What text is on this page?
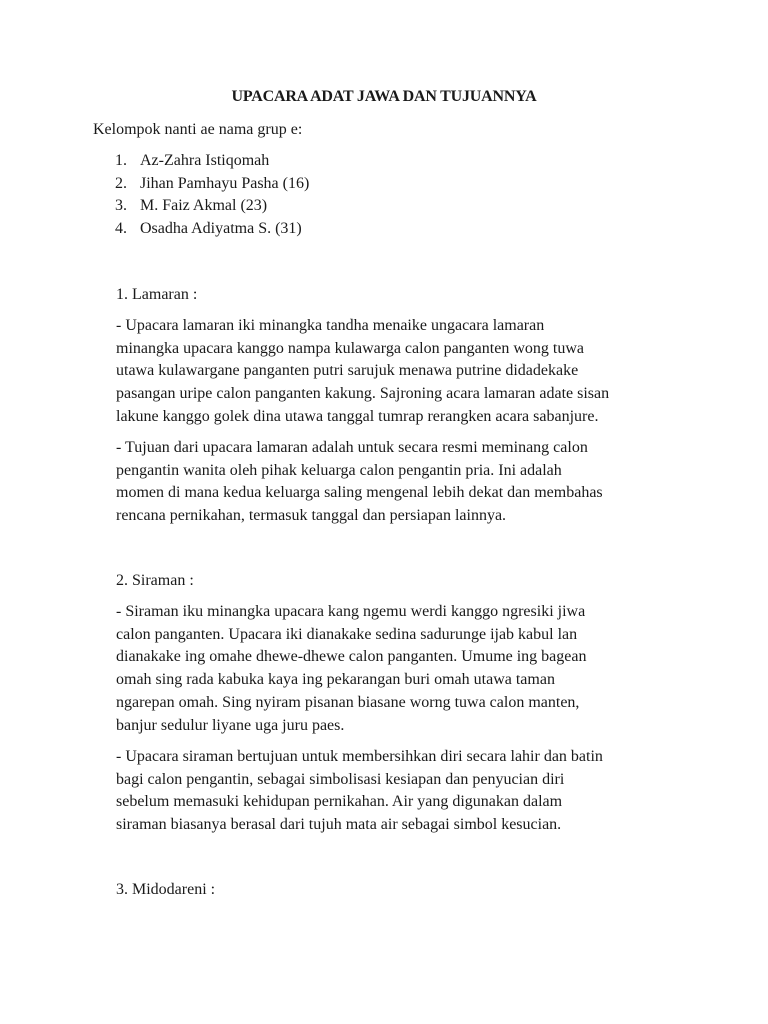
UPACARA ADAT JAWA DAN TUJUANNYA
Kelompok nanti ae nama grup e:
1. Az-Zahra Istiqomah
2. Jihan Pamhayu Pasha (16)
3. M. Faiz Akmal (23)
4. Osadha Adiyatma S. (31)
1. Lamaran :

- Upacara lamaran iki minangka tandha menaike ungacara lamaran
minangka upacara kanggo nampa kulawarga calon panganten wong tuwa
utawa kulawargane panganten putri sarujuk menawa putrine didadekake
pasangan uripe calon panganten kakung. Sajroning acara lamaran adate sisan
lakune kanggo golek dina utawa tanggal tumrap rerangken acara sabanjure.

- Tujuan dari upacara lamaran adalah untuk secara resmi meminang calon
pengantin wanita oleh pihak keluarga calon pengantin pria. Ini adalah
momen di mana kedua keluarga saling mengenal lebih dekat dan membahas
rencana pernikahan, termasuk tanggal dan persiapan lainnya.

2. Siraman :

- Siraman iku minangka upacara kang ngemu werdi kanggo ngresiki jiwa
calon panganten. Upacara iki dianakake sedina sadurunge ijab kabul lan
dianakake ing omahe dhewe-dhewe calon panganten. Umume ing bagean
omah sing rada kabuka kaya ing pekarangan buri omah utawa taman
ngarepan omah. Sing nyiram pisanan biasane worng tuwa calon manten,
banjur sedulur liyane uga juru paes.

- Upacara siraman bertujuan untuk membersihkan diri secara lahir dan batin
bagi calon pengantin, sebagai simbolisasi kesiapan dan penyucian diri
sebelum memasuki kehidupan pernikahan. Air yang digunakan dalam
siraman biasanya berasal dari tujuh mata air sebagai simbol kesucian.

3. Midodareni :
